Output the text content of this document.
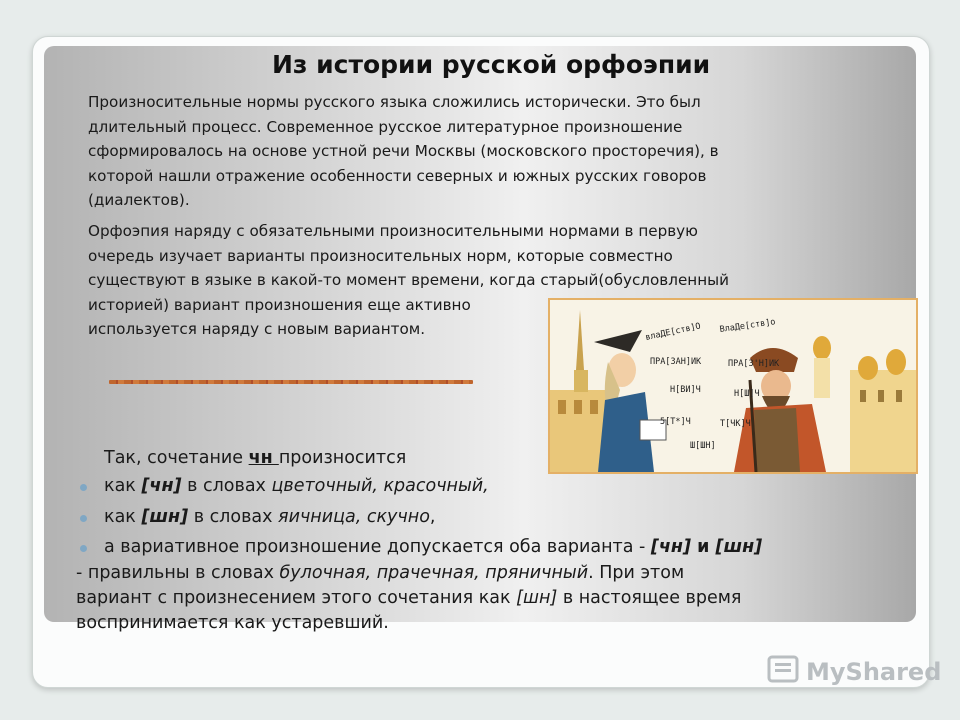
Из истории русской орфоэпии
Произносительные нормы русского языка сложились исторически. Это был
длительный процесс. Современное русское литературное произношение
сформировалось на основе устной речи Москвы (московского просторечия), в
которой нашли отражение особенности северных и южных русских говоров
(диалектов).
Орфоэпия наряду с обязательными произносительными нормами в первую
очередь изучает варианты произносительных норм, которые совместно
существуют в языке в какой-то момент времени, когда старый(обусловленный
историей) вариант произношения еще активно
используется наряду с новым вариантом.	влаДЕ[ств]О ВлаДе[ств]о
ПРА[ЗАН]ИК	ПРА[З'Н]ИК
Н[ВИ]Ч	Н[Ш]Ч
5[Т*]Ч	Т[ЧК]Ч
Ш[ШН]
Так, сочетание чн произносится
как [чн] в словах цветочный, красочный,
как [шн] в словах яичница, скучно,
а вариативное произношение допускается оба варианта - [чн] и [шн]
- правильны в словах булочная, прачечная, пряничный. При этом
вариант с произнесением этого сочетания как [шн] в настоящее время
воспринимается как устаревший.
MyShared
